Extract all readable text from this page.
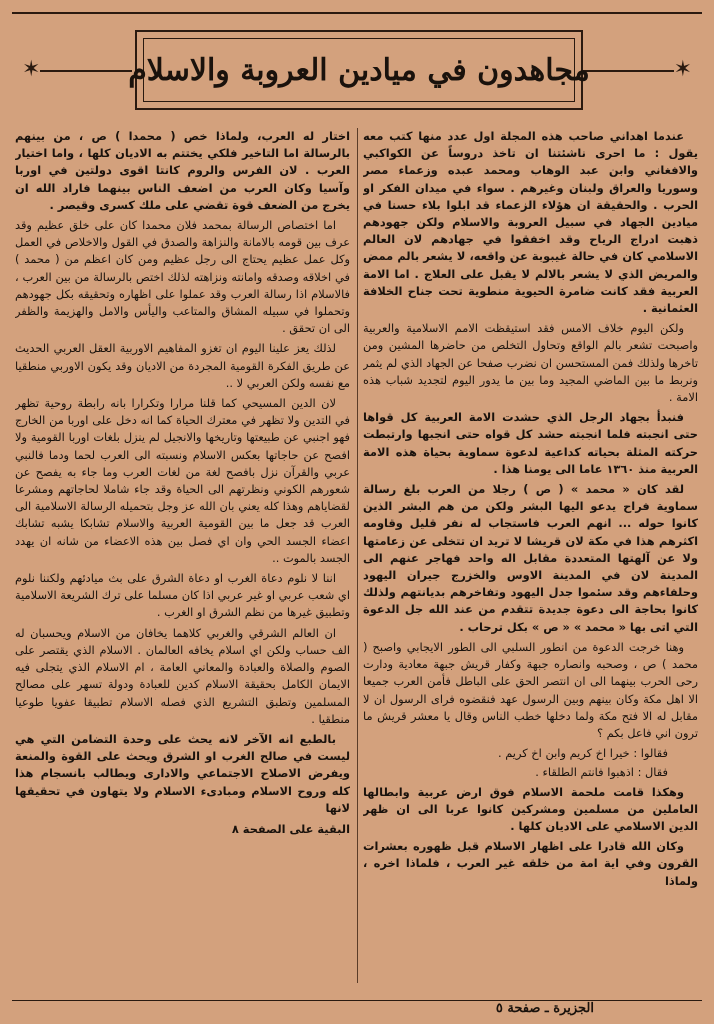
✶
✶	مجاهدون في ميادين العروبة والاسلام

عندما اهداني صاحب هذه المجلة اول عدد منها كتب معه يقول : ما احرى ناشئتنا ان تاخذ دروساً عن الكواكبي والافغاني وابن عبد الوهاب ومحمد عبده وزعماء مصر وسوريا والعراق ولبنان وغيرهم . سواء في ميدان الفكر او الحرب . والحقيقة ان هؤلاء الزعماء قد ابلوا بلاء حسنا في ميادين الجهاد في سبيل العروبة والاسلام ولكن جهودهم ذهبت ادراج الرياح وقد اخفقوا في جهادهم لان العالم الاسلامي كان في حالة غيبوبة عن واقعه، لا يشعر بالم ممض والمريض الذي لا يشعر بالالم لا يقبل على العلاج . اما الامة العربية فقد كانت ضامرة الحيوية منطوية تحت جناح الخلافة العثمانية .

ولكن اليوم خلاف الامس فقد استيقظت الامم الاسلامية والعربية واصبحت تشعر بالم الواقع وتحاول التخلص من حاضرها المشين ومن تاخرها ولذلك فمن المستحسن ان نضرب صفحا عن الجهاد الذي لم يثمر ونربط ما بين الماضي المجيد وما بين ما يدور اليوم لتجديد شباب هذه الامة .

فنبدأ بجهاد الرجل الذي حشدت الامة العربية كل قواها حتى انجبته فلما انجبته حشد كل قواه حتى انجبها وارتبطت حركته المثلة بحياته كداعية لدعوة سماوية بحياة هذه الامة العربية منذ ١٣٦٠ عاما الى يومنا هذا .

لقد كان « محمد » ( ص ) رجلا من العرب بلغ رسالة سماوية فراح يدعو اليها البشر ولكن من هم البشر الذين كانوا حوله ... انهم العرب فاستجاب له نفر قليل وقاومه اكثرهم هذا في مكة لان قريشا لا تريد ان تتخلى عن زعامتها ولا عن آلهتها المتعددة مقابل اله واحد فهاجر عنهم الى المدينة لان في المدينة الاوس والخزرج جيران اليهود وحلفاءهم وقد سئموا جدل اليهود وتفاخرهم بديانتهم ولذلك كانوا بحاجة الى دعوة جديدة تتقدم من عند الله جل الدعوة التي اتى بها « محمد » « ص » بكل ترحاب .

وهنا خرجت الدعوة من انطور السلبي الى الطور الايجابي واصبح ( محمد ) ص ، وصحبه وانصاره جبهة وكفار قريش جبهة معادية ودارت رحى الحرب بينهما الى ان انتصر الحق على الباطل فأمن العرب جميعا الا اهل مكة وكان بينهم وبين الرسول عهد فنقضوه فراى الرسول ان لا مقابل له الا فتح مكة ولما دخلها خطب الناس وقال يا معشر قريش ما ترون اني فاعل بكم ؟

فقالوا : خيرا اخ كريم وابن اخ كريم .

فقال : اذهبوا فانتم الطلقاء .

وهكذا قامت ملحمة الاسلام فوق ارض عربية وابطالها العاملين من مسلمين ومشركين كانوا عربا الى ان ظهر الدين الاسلامي على الاديان كلها .

وكان الله قادرا على اظهار الاسلام قبل ظهوره بعشرات القرون وفي اية امة من خلقه غير العرب ، فلماذا اخره ، ولماذا

اختار له العرب، ولماذا خص ( محمدا ) ص ، من بينهم بالرسالة اما التاخير فلكي يختتم به الاديان كلها ، واما اختيار العرب . لان الفرس والروم كانتا اقوى دولتين في اوربا وآسيا وكان العرب من اضعف الناس بينهما فاراد الله ان يخرج من الضعف قوة تقضي على ملك كسرى وقيصر .

اما اختصاص الرسالة بمحمد فلان محمدا كان على خلق عظيم وقد عرف بين قومه بالامانة والنزاهة والصدق في القول والاخلاص في العمل وكل عمل عظيم يحتاج الى رجل عظيم ومن كان اعظم من ( محمد ) في اخلاقه وصدقه وامانته ونزاهته لذلك اختص بالرسالة من بين العرب ، فالاسلام اذا رسالة العرب وقد عملوا على اظهاره وتحقيقه بكل جهودهم وتحملوا في سبيله المشاق والمتاعب واليأس والامل والهزيمة والظفر الى ان تحقق .

لذلك يعز علينا اليوم ان تغزو المفاهيم الاوربية العقل العربي الحديث عن طريق الفكرة القومية المجردة من الاديان وقد يكون الاوربي منطقيا مع نفسه ولكن العربي لا ..

لان الدين المسيحي كما قلنا مرارا وتكرارا بانه رابطة روحية تظهر في التدين ولا تظهر في معترك الحياة كما انه دخل على اوربا من الخارج فهو اجنبي عن طبيعتها وتاريخها والانجيل لم ينزل بلغات اوربا القومية ولا افصح عن حاجاتها بعكس الاسلام ونسبته الى العرب لحما ودما فالنبي عربي والقرآن نزل بافصح لغة من لغات العرب وما جاء به يفصح عن شعورهم الكوني ونظرتهم الى الحياة وقد جاء شاملا لحاجاتهم ومشرعا لقضاياهم وهذا كله يعني بان الله عز وجل بتحميله الرسالة الاسلامية الى العرب قد جعل ما بين القومية العربية والاسلام تشابكا يشبه تشابك اعضاء الجسد الحي وان اي فصل بين هذه الاعضاء من شانه ان يهدد الجسد بالموت ..

اننا لا نلوم دعاة الغرب او دعاة الشرق على بث ميادئهم ولكننا نلوم اي شعب عربي او غير عربي اذا كان مسلما على ترك الشريعة الاسلامية وتطبيق غيرها من نظم الشرق او الغرب .

ان العالم الشرقي والغربي كلاهما يخافان من الاسلام ويحسبان له الف حساب ولكن اي اسلام يخافه العالمان . الاسلام الذي يقتصر على الصوم والصلاة والعبادة والمعاني العامة ، ام الاسلام الذي يتجلى فيه الايمان الكامل بحقيقة الاسلام كدين للعبادة ودولة تسهر على مصالح المسلمين وتطبق التشريع الذي فصله الاسلام تطبيقا عفويا طوعيا منطقيا .

بالطبع انه الآخر لانه يحث على وحدة التضامن التي هي ليست في صالح الغرب او الشرق ويحث على القوة والمنعة ويفرض الاصلاح الاجتماعي والادارى ويطالب بانسجام هذا كله وروح الاسلام ومبادىء الاسلام ولا يتهاون في تحقيقها لانها

البقية على الصفحة ٨

الجزيرة ـ صفحة ٥
